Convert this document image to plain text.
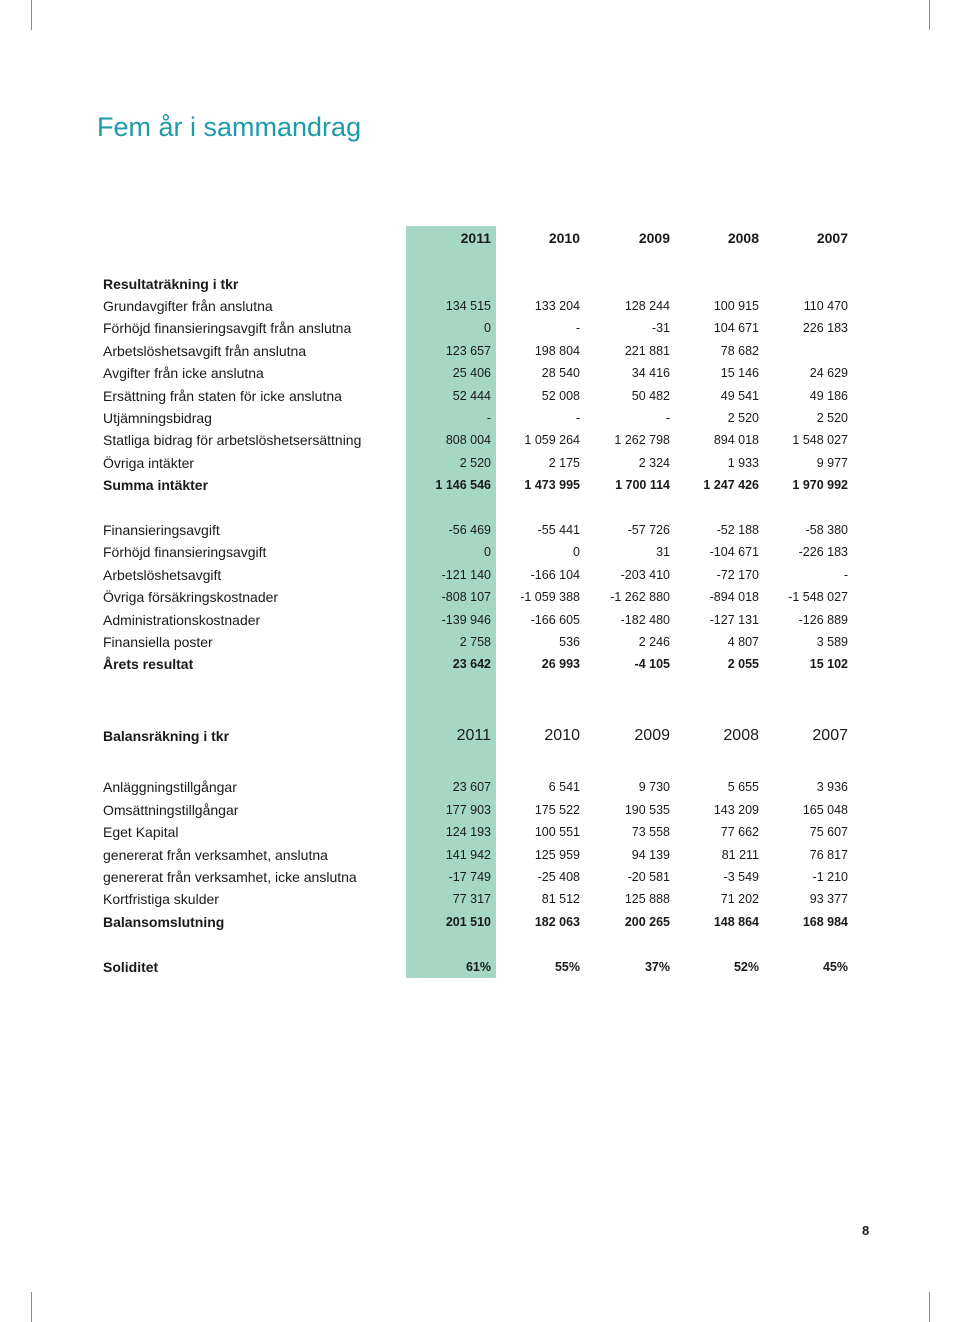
Fem år i sammandrag
2011	2010	2009	2008	2007
Resultaträkning i tkr
Grundavgifter från anslutna	134 515	133 204	128 244	100 915	110 470
Förhöjd finansieringsavgift från anslutna	0	-	-31	104 671	226 183
Arbetslöshetsavgift från anslutna	123 657	198 804	221 881	78 682
Avgifter från icke anslutna	25 406	28 540	34 416	15 146	24 629
Ersättning från staten för icke anslutna	52 444	52 008	50 482	49 541	49 186
Utjämningsbidrag	-	-	-	2 520	2 520
Statliga bidrag för arbetslöshetsersättning	808 004	1 059 264	1 262 798	894 018	1 548 027
Övriga intäkter	2 520	2 175	2 324	1 933	9 977
Summa intäkter	1 146 546	1 473 995	1 700 114	1 247 426	1 970 992
Finansieringsavgift	-56 469	-55 441	-57 726	-52 188	-58 380
Förhöjd finansieringsavgift	0	0	31	-104 671	-226 183
Arbetslöshetsavgift	-121 140	-166 104	-203 410	-72 170	-
Övriga försäkringskostnader	-808 107	-1 059 388	-1 262 880	-894 018	-1 548 027
Administrationskostnader	-139 946	-166 605	-182 480	-127 131	-126 889
Finansiella poster	2 758	536	2 246	4 807	3 589
Årets resultat	23 642	26 993	-4 105	2 055	15 102
Balansräkning i tkr	2011	2010	2009	2008	2007
Anläggningstillgångar	23 607	6 541	9 730	5 655	3 936
Omsättningstillgångar	177 903	175 522	190 535	143 209	165 048
Eget Kapital	124 193	100 551	73 558	77 662	75 607
genererat från verksamhet, anslutna	141 942	125 959	94 139	81 211	76 817
genererat från verksamhet, icke anslutna	-17 749	-25 408	-20 581	-3 549	-1 210
Kortfristiga skulder	77 317	81 512	125 888	71 202	93 377
Balansomslutning	201 510	182 063	200 265	148 864	168 984
Soliditet	61%	55%	37%	52%	45%
8
